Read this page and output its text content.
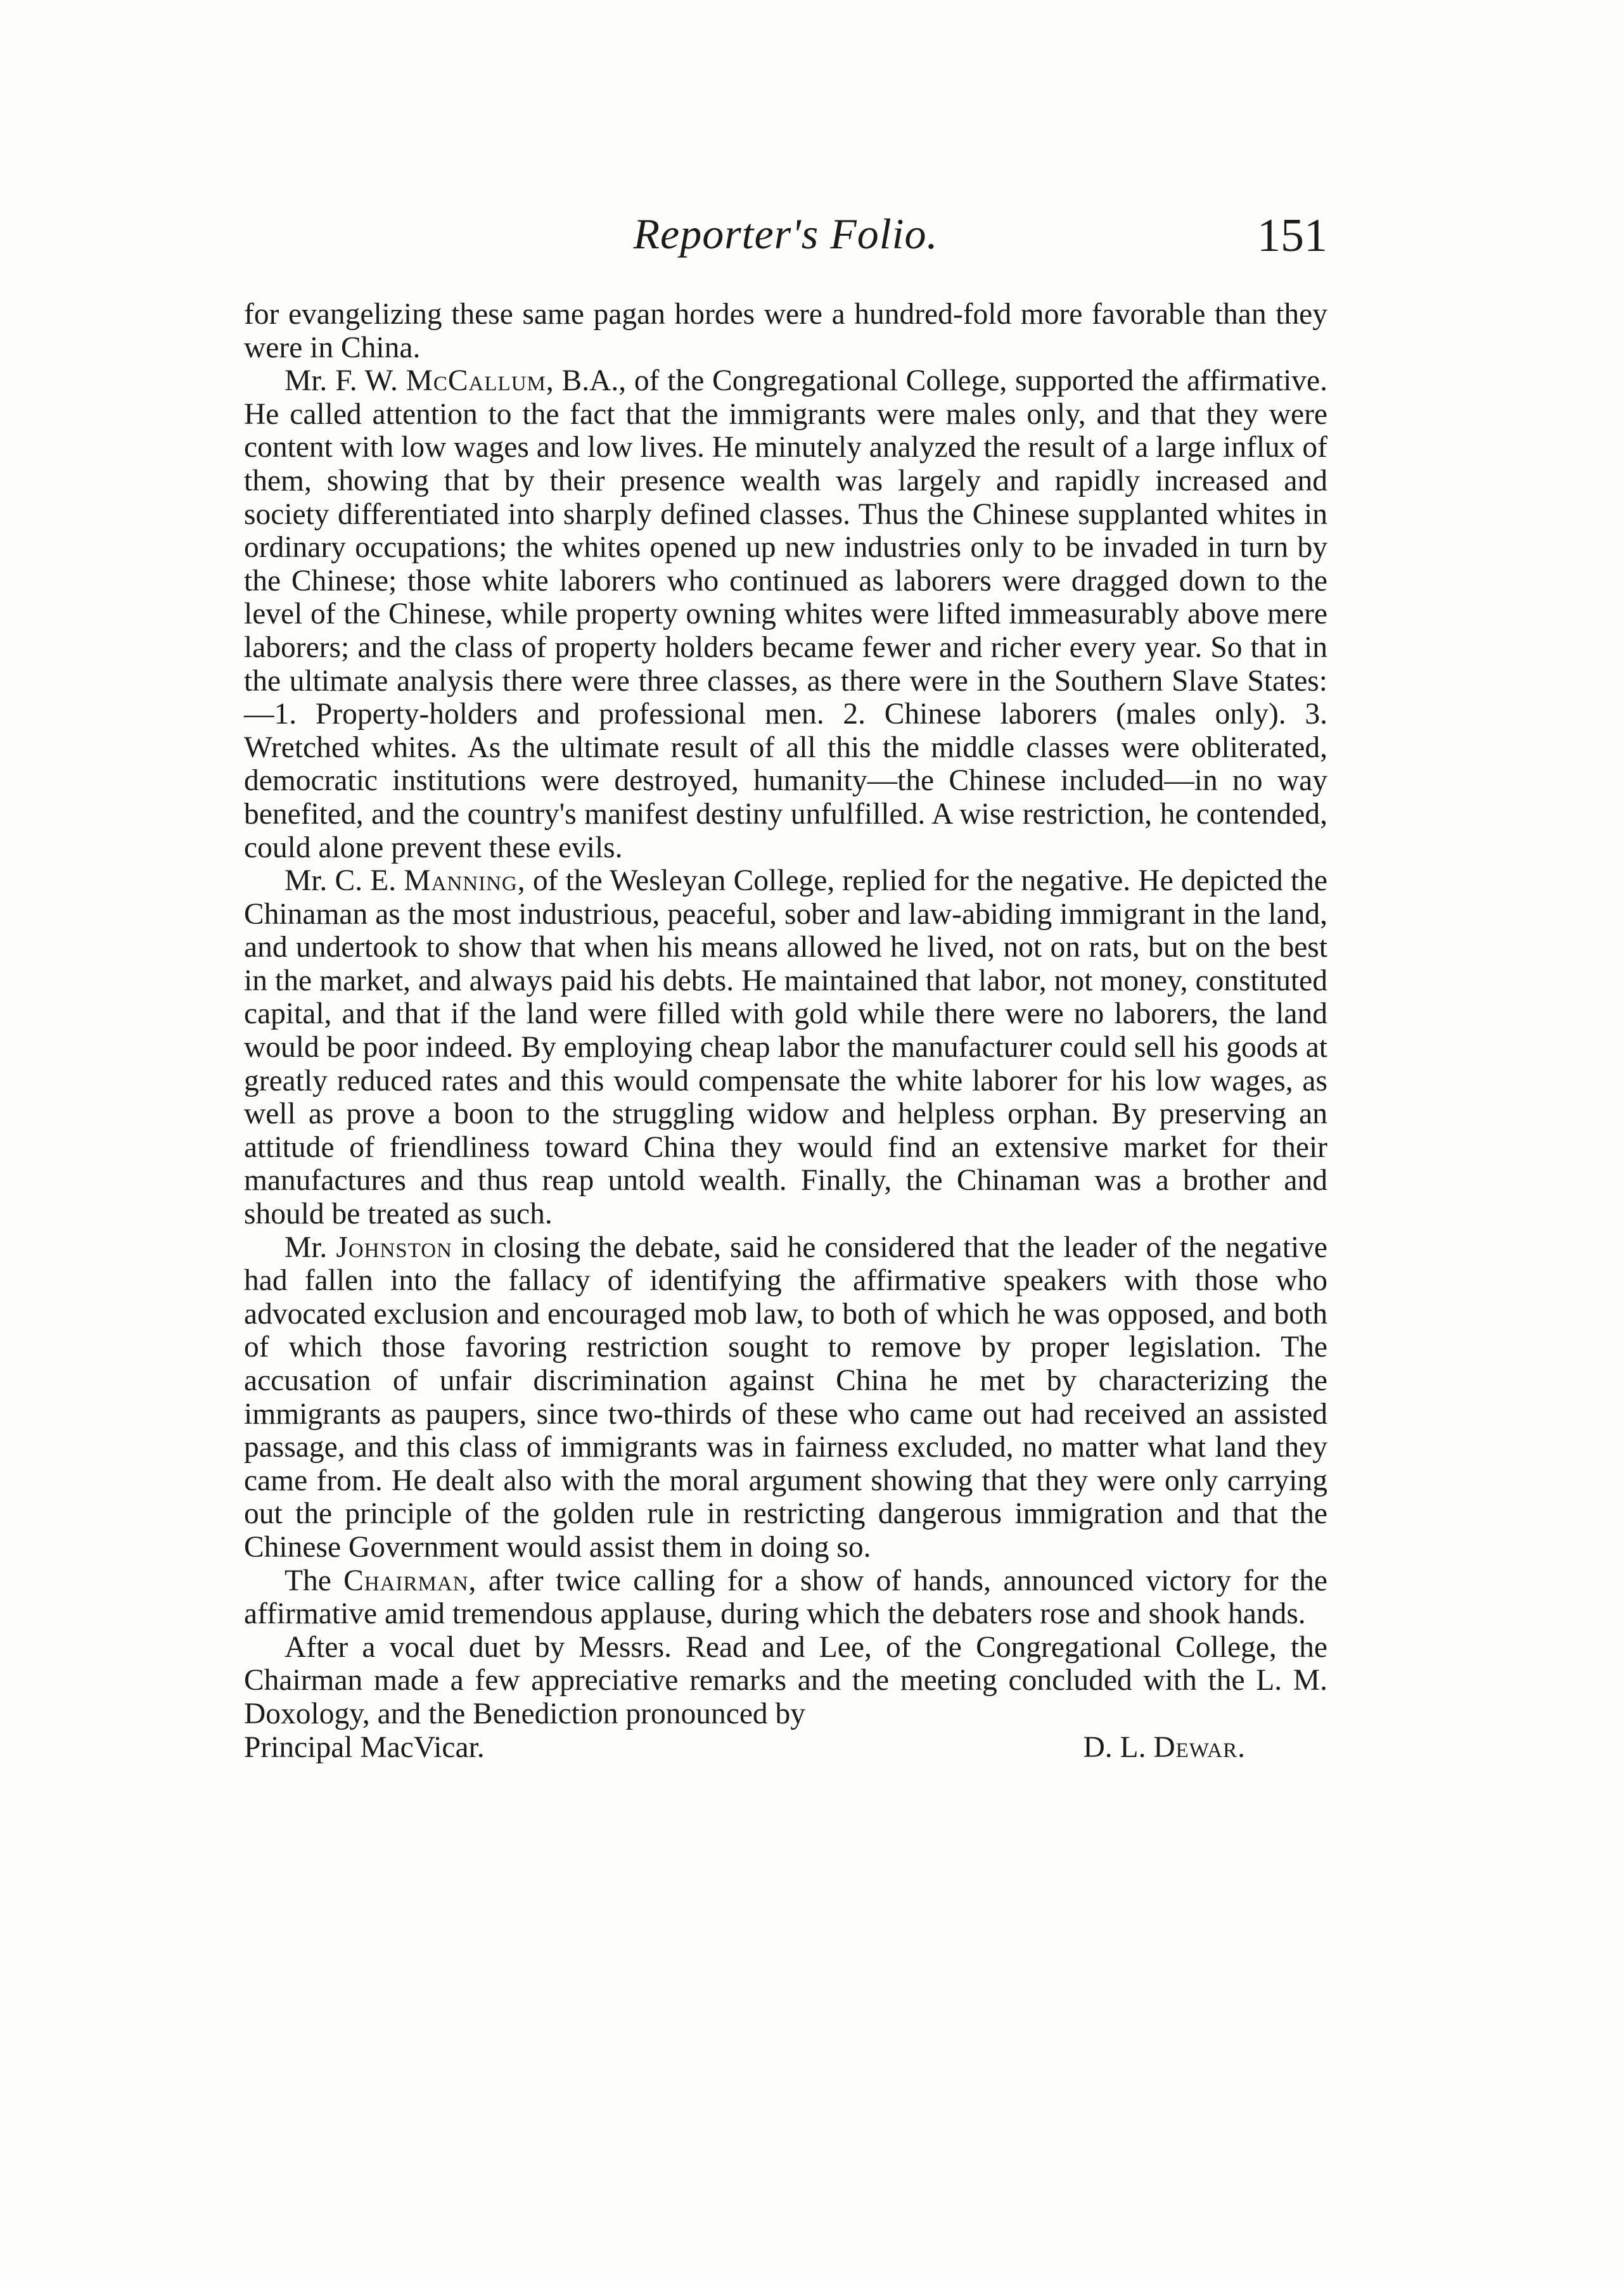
Reporter's Folio.	151

for evangelizing these same pagan hordes were a hundred-fold more favorable than they were in China.

Mr. F. W. McCallum, B.A., of the Congregational College, supported the affirmative. He called attention to the fact that the immigrants were males only, and that they were content with low wages and low lives. He minutely analyzed the result of a large influx of them, showing that by their presence wealth was largely and rapidly increased and society differentiated into sharply defined classes. Thus the Chinese supplanted whites in ordinary occupations; the whites opened up new industries only to be invaded in turn by the Chinese; those white laborers who continued as laborers were dragged down to the level of the Chinese, while property owning whites were lifted immeasurably above mere laborers; and the class of property holders became fewer and richer every year. So that in the ultimate analysis there were three classes, as there were in the Southern Slave States:—1. Property-holders and professional men. 2. Chinese laborers (males only). 3. Wretched whites. As the ultimate result of all this the middle classes were obliterated, democratic institutions were destroyed, humanity—the Chinese included—in no way benefited, and the country's manifest destiny unfulfilled. A wise restriction, he contended, could alone prevent these evils.

Mr. C. E. Manning, of the Wesleyan College, replied for the negative. He depicted the Chinaman as the most industrious, peaceful, sober and law-abiding immigrant in the land, and undertook to show that when his means allowed he lived, not on rats, but on the best in the market, and always paid his debts. He maintained that labor, not money, constituted capital, and that if the land were filled with gold while there were no laborers, the land would be poor indeed. By employing cheap labor the manufacturer could sell his goods at greatly reduced rates and this would compensate the white laborer for his low wages, as well as prove a boon to the struggling widow and helpless orphan. By preserving an attitude of friendliness toward China they would find an extensive market for their manufactures and thus reap untold wealth. Finally, the Chinaman was a brother and should be treated as such.

Mr. Johnston in closing the debate, said he considered that the leader of the negative had fallen into the fallacy of identifying the affirmative speakers with those who advocated exclusion and encouraged mob law, to both of which he was opposed, and both of which those favoring restriction sought to remove by proper legislation. The accusation of unfair discrimination against China he met by characterizing the immigrants as paupers, since two-thirds of these who came out had received an assisted passage, and this class of immigrants was in fairness excluded, no matter what land they came from. He dealt also with the moral argument showing that they were only carrying out the principle of the golden rule in restricting dangerous immigration and that the Chinese Government would assist them in doing so.

The Chairman, after twice calling for a show of hands, announced victory for the affirmative amid tremendous applause, during which the debaters rose and shook hands.

After a vocal duet by Messrs. Read and Lee, of the Congregational College, the Chairman made a few appreciative remarks and the meeting concluded with the L. M. Doxology, and the Benediction pronounced by

Principal MacVicar.	D. L. Dewar.
